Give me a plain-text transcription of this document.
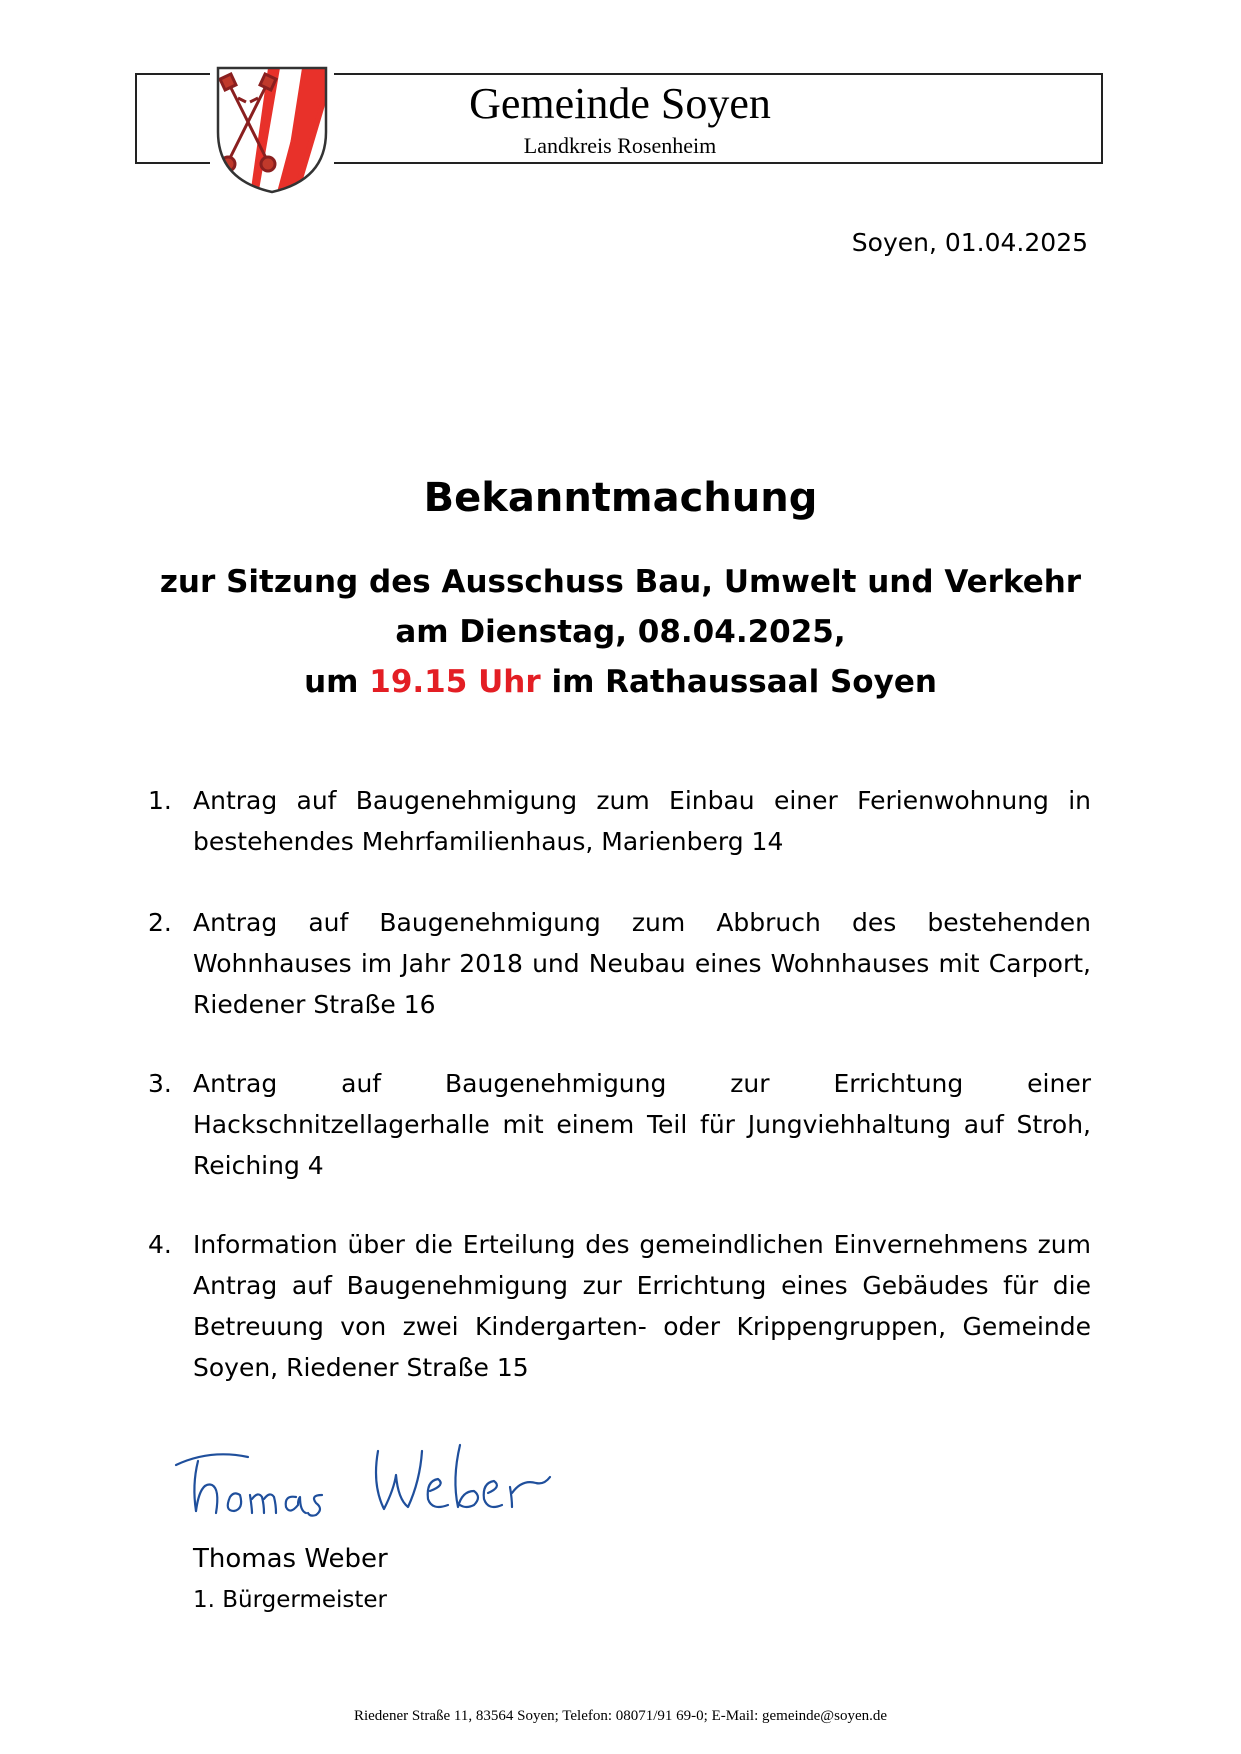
Gemeinde Soyen
Landkreis Rosenheim
Soyen, 01.04.2025
Bekanntmachung
zur Sitzung des Ausschuss Bau, Umwelt und Verkehr
am Dienstag, 08.04.2025,
um 19.15 Uhr im Rathaussaal Soyen
1. Antrag auf Baugenehmigung zum Einbau einer Ferienwohnung in bestehendes Mehrfamilienhaus, Marienberg 14
2. Antrag auf Baugenehmigung zum Abbruch des bestehenden Wohnhauses im Jahr 2018 und Neubau eines Wohnhauses mit Carport, Riedener Straße 16
3. Antrag auf Baugenehmigung zur Errichtung einer Hackschnitzellagerhalle mit einem Teil für Jungviehhaltung auf Stroh, Reiching 4
4. Information über die Erteilung des gemeindlichen Einvernehmens zum Antrag auf Baugenehmigung zur Errichtung eines Gebäudes für die Betreuung von zwei Kindergarten- oder Krippengruppen, Gemeinde Soyen, Riedener Straße 15
Thomas Weber
1. Bürgermeister
Riedener Straße 11, 83564 Soyen; Telefon: 08071/91 69-0; E-Mail: gemeinde@soyen.de
